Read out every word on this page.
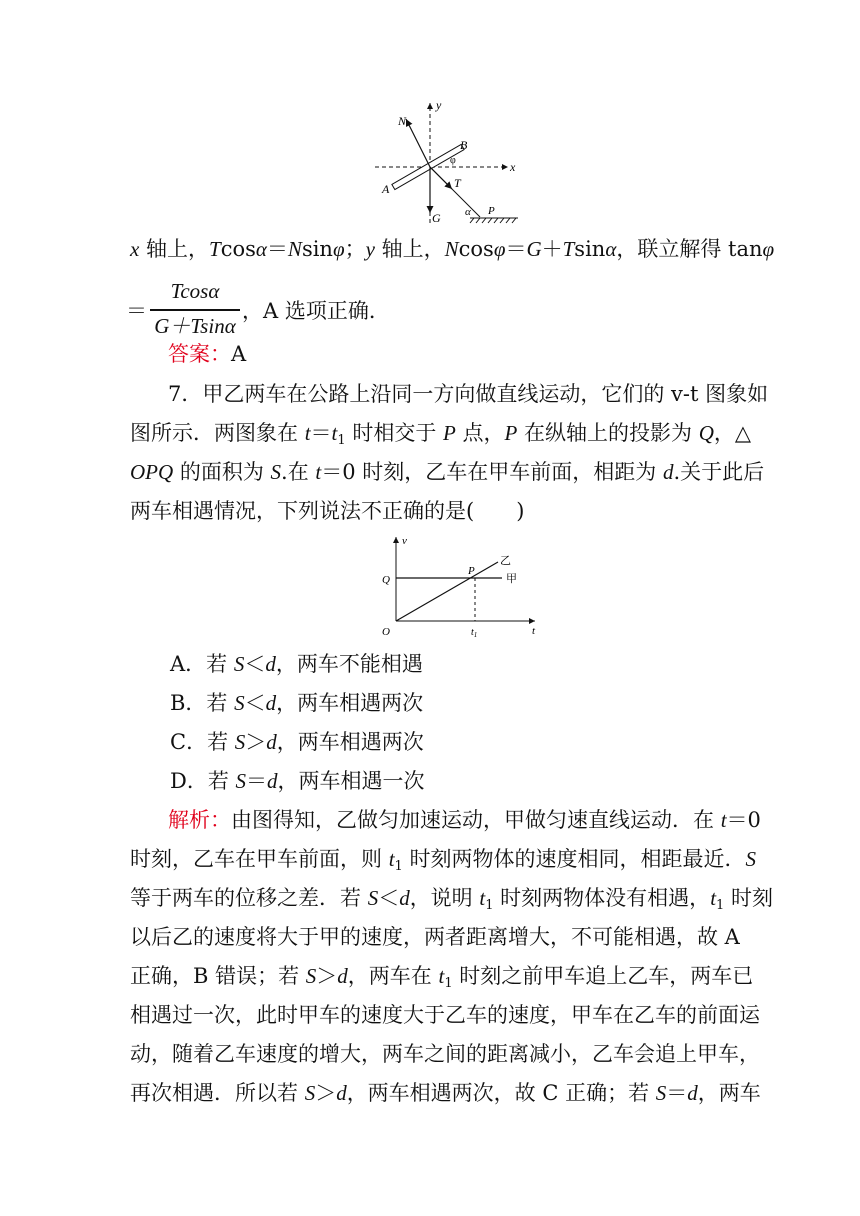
y
x
B
A
N
φ
G
T
α P
x 轴上，Tcosα＝Nsinφ；y 轴上，Ncosφ＝G＋Tsinα，联立解得 tanφ
＝
Tcosα
G＋Tsinα
，A 选项正确．
答案：A
7．甲乙两车在公路上沿同一方向做直线运动，它们的 v-t 图象如
图所示．两图象在 $t=t_1$ 时相交于 P 点，P 在纵轴上的投影为 Q，△
OPQ 的面积为 S.在 t＝0 时刻，乙车在甲车前面，相距为 d.关于此后
两车相遇情况，下列说法不正确的是(　　)
v
t
O
Q	甲
乙
P
$t_1$
A．若 S＜d，两车不能相遇
B．若 S＜d，两车相遇两次
C．若 S＞d，两车相遇两次
D．若 S＝d，两车相遇一次
解析：由图得知，乙做匀加速运动，甲做匀速直线运动．在 t＝0
时刻，乙车在甲车前面，则 $t_1$ 时刻两物体的速度相同，相距最近．S
等于两车的位移之差．若 S＜d，说明 $t_1$ 时刻两物体没有相遇，$t_1$ 时刻
以后乙的速度将大于甲的速度，两者距离增大，不可能相遇，故 A
正确，B 错误；若 S＞d，两车在 $t_1$ 时刻之前甲车追上乙车，两车已
相遇过一次，此时甲车的速度大于乙车的速度，甲车在乙车的前面运
动，随着乙车速度的增大，两车之间的距离减小，乙车会追上甲车，
再次相遇．所以若 S＞d，两车相遇两次，故 C 正确；若 S＝d，两车
